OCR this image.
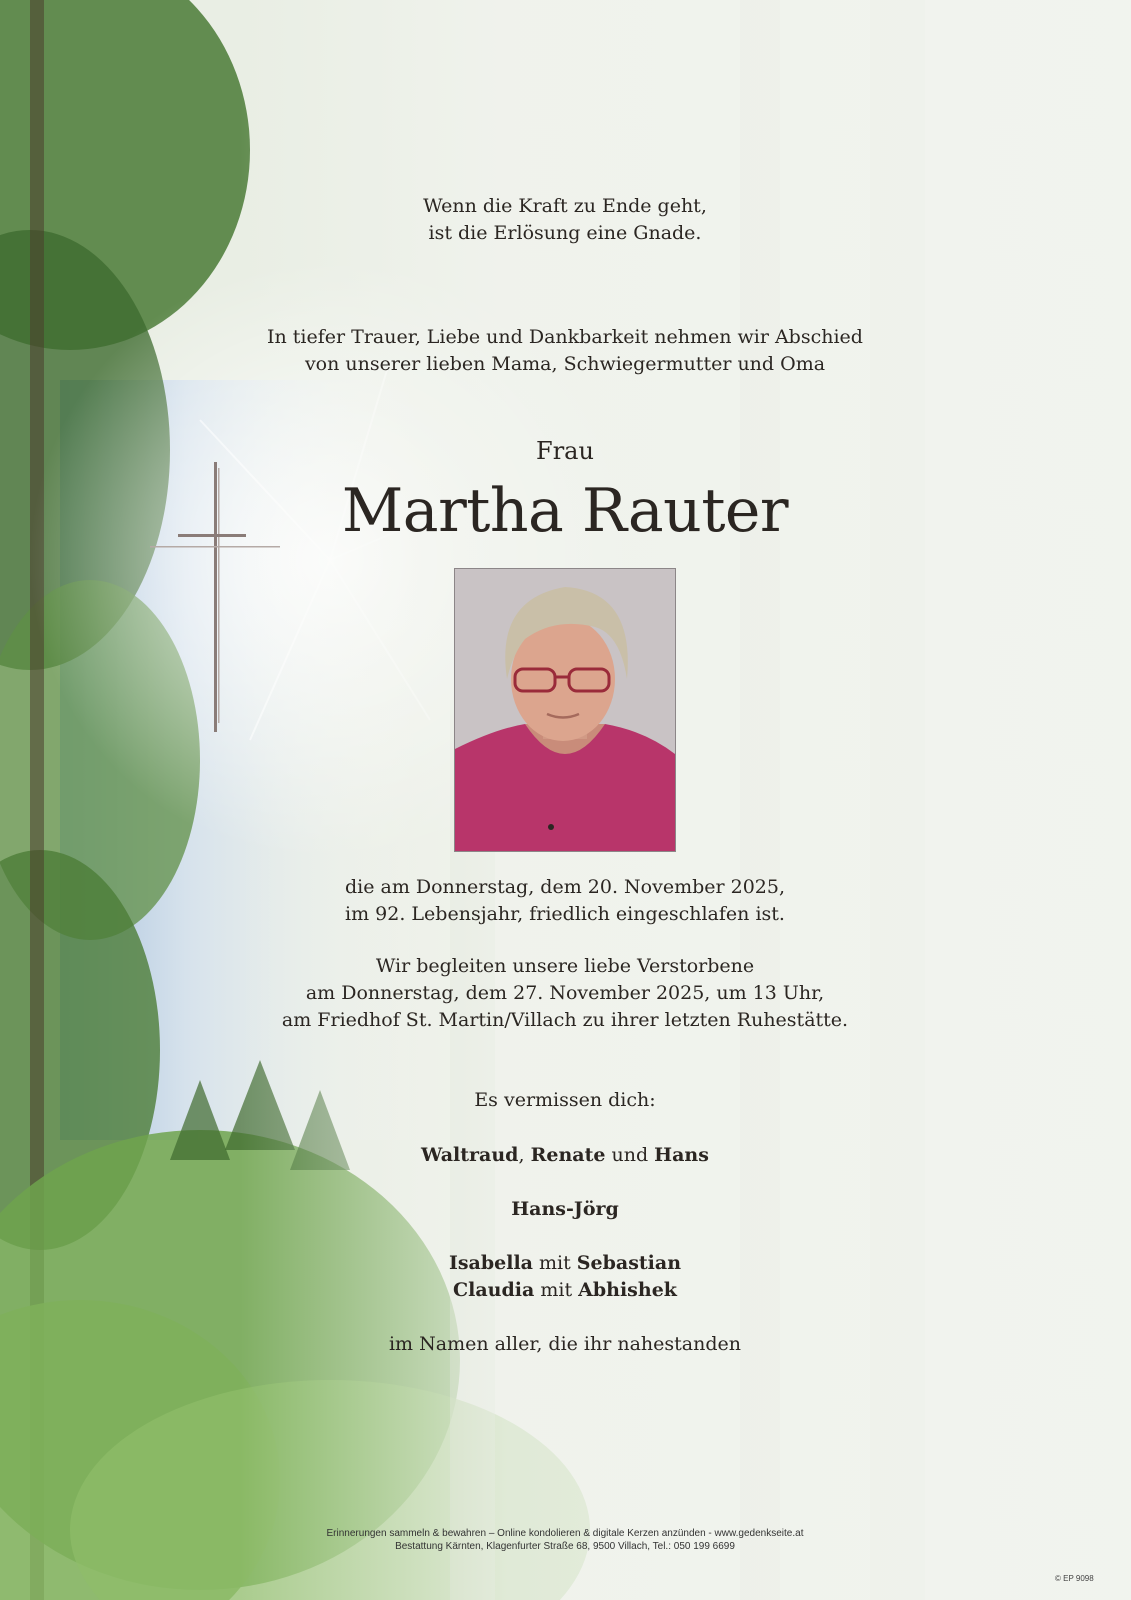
Wenn die Kraft zu Ende geht,
ist die Erlösung eine Gnade.
In tiefer Trauer, Liebe und Dankbarkeit nehmen wir Abschied
von unserer lieben Mama, Schwiegermutter und Oma
Frau
Martha Rauter
die am Donnerstag, dem 20. November 2025,
im 92. Lebensjahr, friedlich eingeschlafen ist.
Wir begleiten unsere liebe Verstorbene
am Donnerstag, dem 27. November 2025, um 13 Uhr,
am Friedhof St. Martin/Villach zu ihrer letzten Ruhestätte.
Es vermissen dich:
Waltraud, Renate und Hans
Hans-Jörg
Isabella mit Sebastian
Claudia mit Abhishek
im Namen aller, die ihr nahestanden
Erinnerungen sammeln & bewahren – Online kondolieren & digitale Kerzen anzünden - www.gedenkseite.at
Bestattung Kärnten, Klagenfurter Straße 68, 9500 Villach, Tel.: 050 199 6699
© EP 9098
